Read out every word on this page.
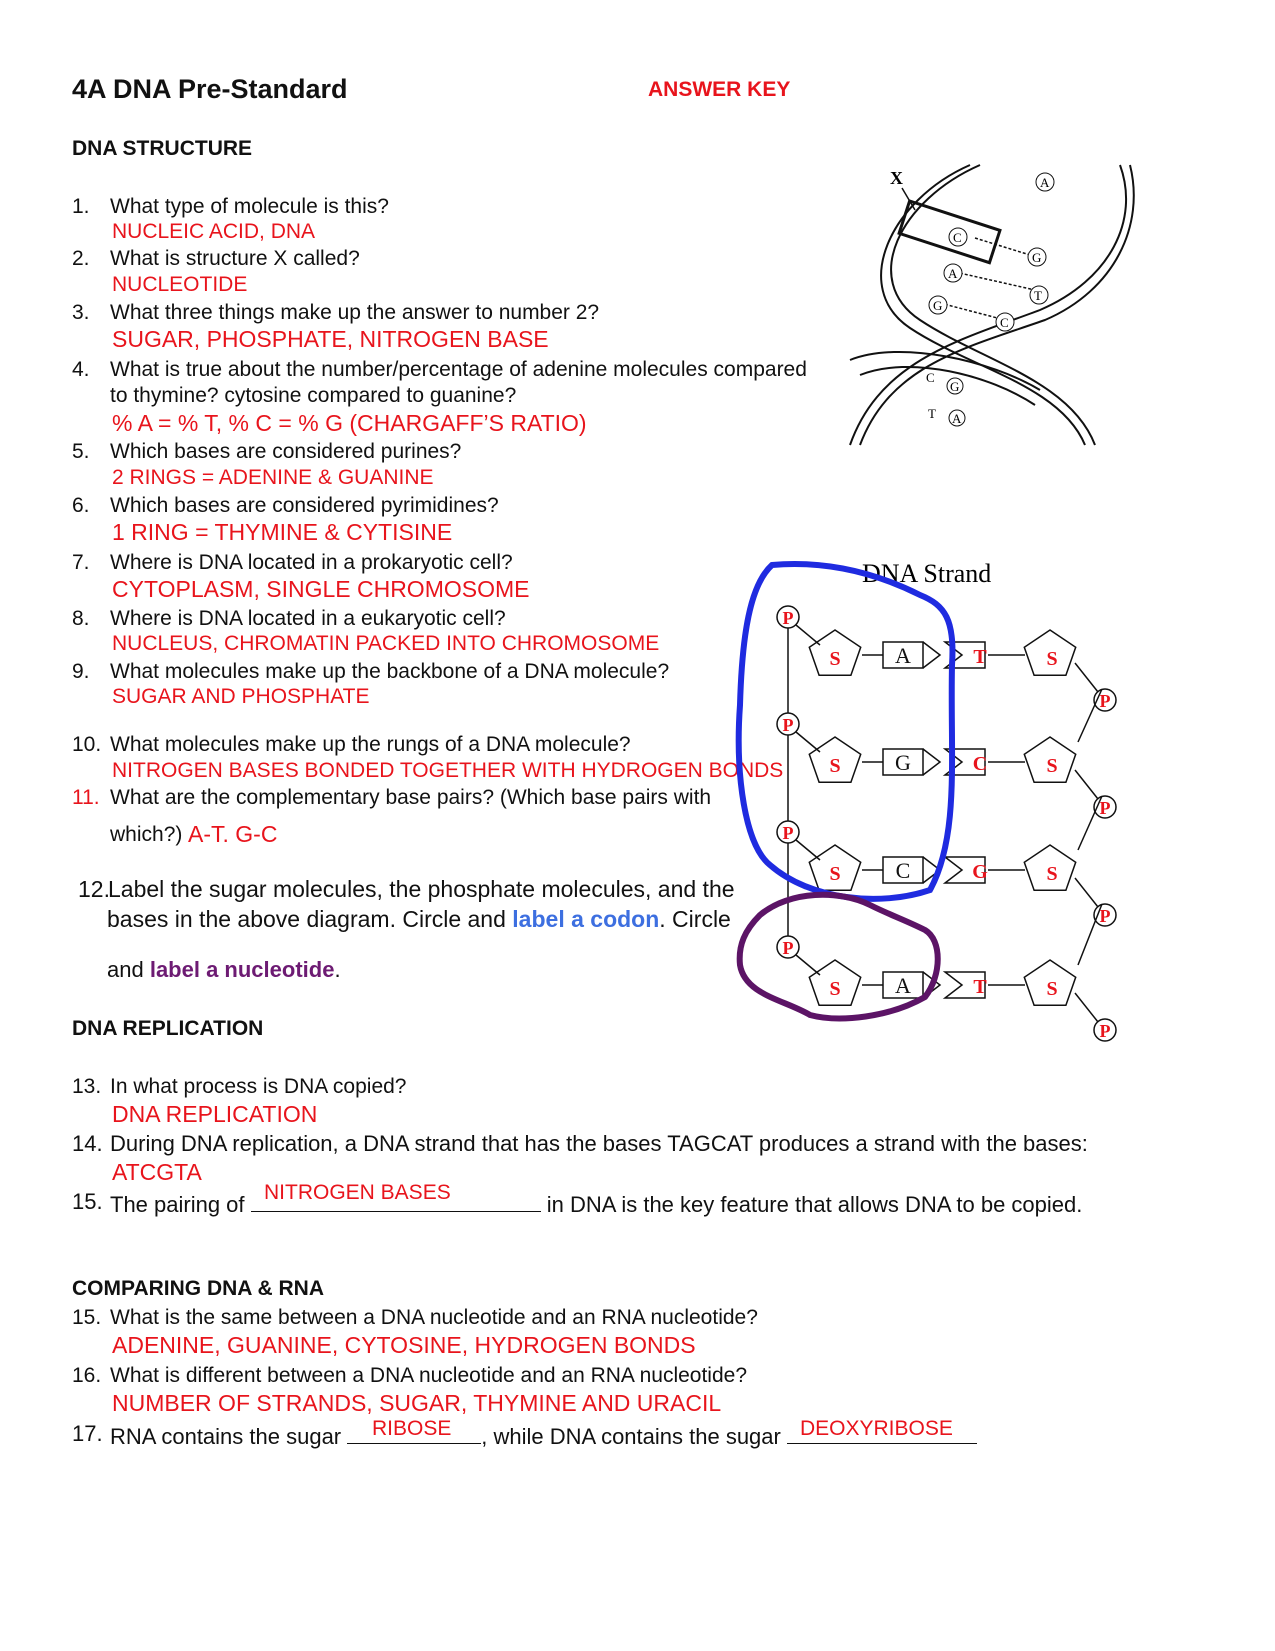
4A DNA Pre-Standard	ANSWER KEY
DNA STRUCTURE
1. What type of molecule is this?
NUCLEIC ACID, DNA
2. What is structure X called?
NUCLEOTIDE
3. What three things make up the answer to number 2?
SUGAR, PHOSPHATE, NITROGEN BASE
4. What is true about the number/percentage of adenine molecules compared
to thymine? cytosine compared to guanine?
% A = % T, % C = % G (CHARGAFF’S RATIO)
5. Which bases are considered purines?
2 RINGS = ADENINE & GUANINE
6. Which bases are considered pyrimidines?
1 RING = THYMINE & CYTISINE
7. Where is DNA located in a prokaryotic cell?
CYTOPLASM, SINGLE CHROMOSOME
8. Where is DNA located in a eukaryotic cell?
NUCLEUS, CHROMATIN PACKED INTO CHROMOSOME
9. What molecules make up the backbone of a DNA molecule?
SUGAR AND PHOSPHATE
10. What molecules make up the rungs of a DNA molecule?
NITROGEN BASES BONDED TOGETHER WITH HYDROGEN BONDS
11. What are the complementary base pairs? (Which base pairs with
which?) A-T. G-C
12.
Label the sugar molecules, the phosphate molecules, and the
bases in the above diagram. Circle and label a codon. Circle
and label a nucleotide.
DNA REPLICATION
13. In what process is DNA copied?
DNA REPLICATION
14. During DNA replication, a DNA strand that has the bases TAGCAT produces a strand with the bases:
ATCGTA
15. The pairing of	in DNA is the key feature that allows DNA to be copied.
NITROGEN BASES
COMPARING DNA & RNA
15. What is the same between a DNA nucleotide and an RNA nucleotide?
ADENINE, GUANINE, CYTOSINE, HYDROGEN BONDS
16. What is different between a DNA nucleotide and an RNA nucleotide?
NUMBER OF STRANDS, SUGAR, THYMINE AND URACIL
17. RNA contains the sugar	, while DNA contains the sugar
RIBOSE	DEOXYRIBOSE
X	A
C
G
A
T
G
C
C
G
T A
DNA Strand
P
S A	T	S
P
P
S G	C	S
P
P
S	C	G	S
P
P
S A	T	S
P
